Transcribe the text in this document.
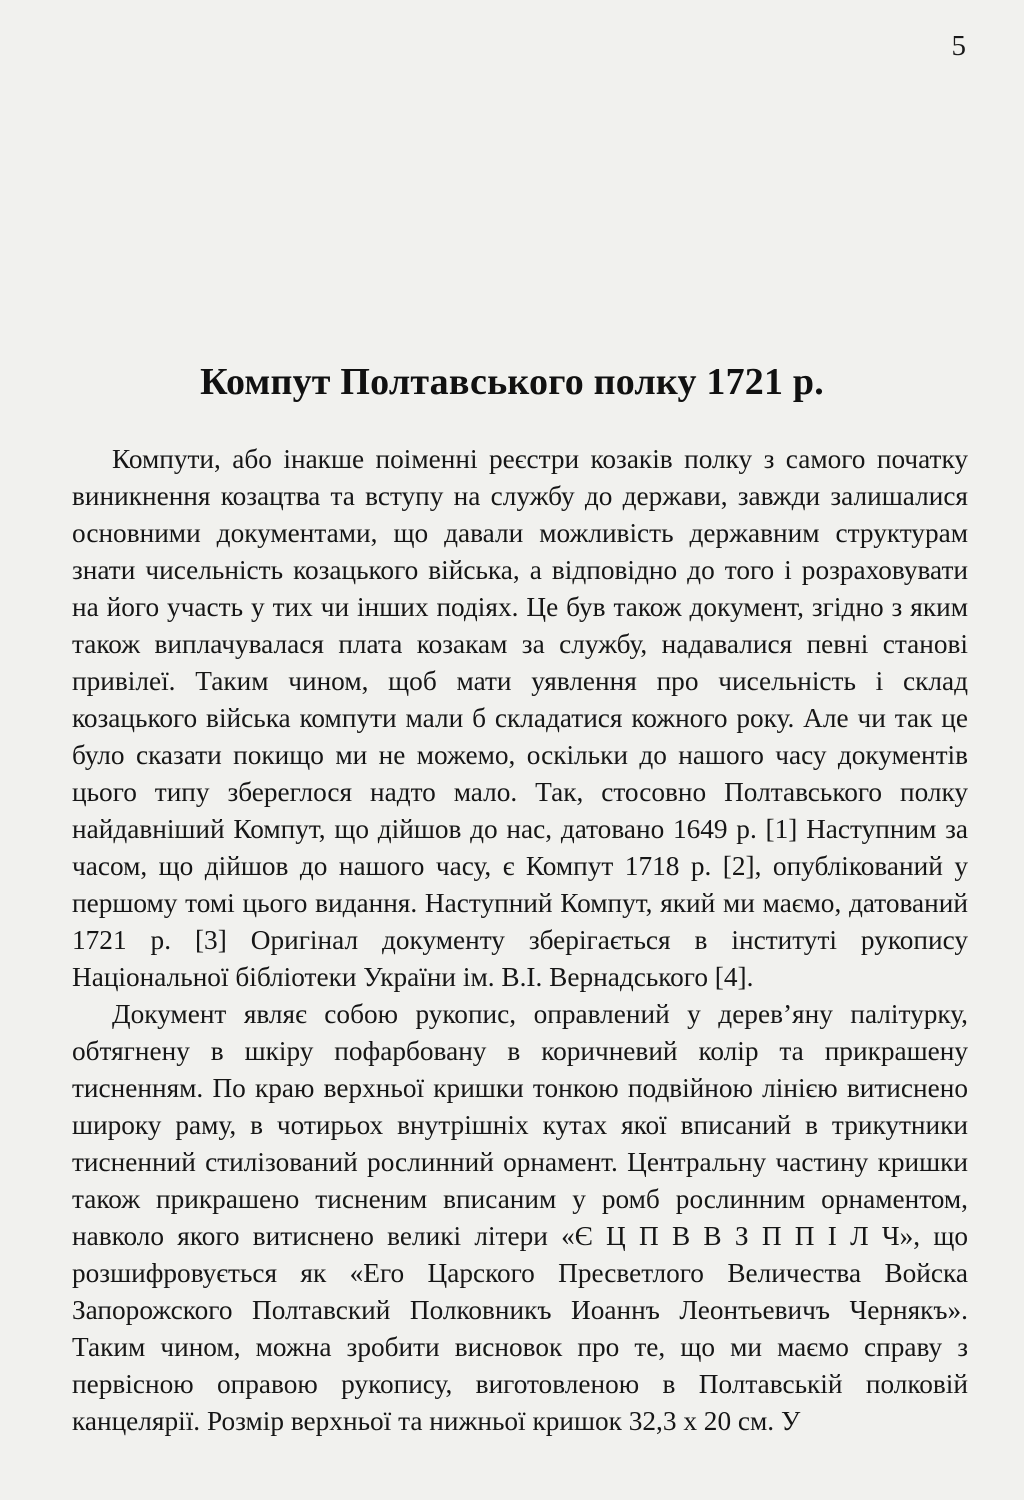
5
Компут Полтавського полку 1721 р.

Компути, або інакше поіменні реєстри козаків полку з самого початку виникнення козацтва та вступу на службу до держави, завжди залишалися основними документами, що давали можливість державним структурам знати чисельність козацького війська, а відповідно до того і розраховувати на його участь у тих чи інших подіях. Це був також документ, згідно з яким також виплачувалася плата козакам за службу, надавалися певні станові привілеї. Таким чином, щоб мати уявлення про чисельність і склад козацького війська компути мали б складатися кожного року. Але чи так це було сказати покищо ми не можемо, оскільки до нашого часу документів цього типу збереглося надто мало. Так, стосовно Полтавського полку найдавніший Компут, що дійшов до нас, датовано 1649 р. [1] Наступним за часом, що дійшов до нашого часу, є Компут 1718 р. [2], опублікований у першому томі цього видання. Наступний Компут, який ми маємо, датований 1721 р. [3] Оригінал документу зберігається в інституті рукопису Національної бібліотеки України ім. В.І. Вернадського [4].

Документ являє собою рукопис, оправлений у дерев’яну палітурку, обтягнену в шкіру пофарбовану в коричневий колір та прикрашену тисненням. По краю верхньої кришки тонкою подвійною лінією витиснено широку раму, в чотирьох внутрішніх кутах якої вписаний в трикутники тисненний стилізований рослинний орнамент. Центральну частину кришки також прикрашено тисненим вписаним у ромб рослинним орнаментом, навколо якого витиснено великі літери «Є Ц П В В З П П І Л Ч», що розшифровується як «Его Царского Пресветлого Величества Войска Запорожского Полтавский Полковникъ Иоаннъ Леонтьевичъ Чернякъ». Таким чином, можна зробити висновок про те, що ми маємо справу з первісною оправою рукопису, виготовленою в Полтавській полковій канцелярії. Розмір верхньої та нижньої кришок 32,3 х 20 см. У
